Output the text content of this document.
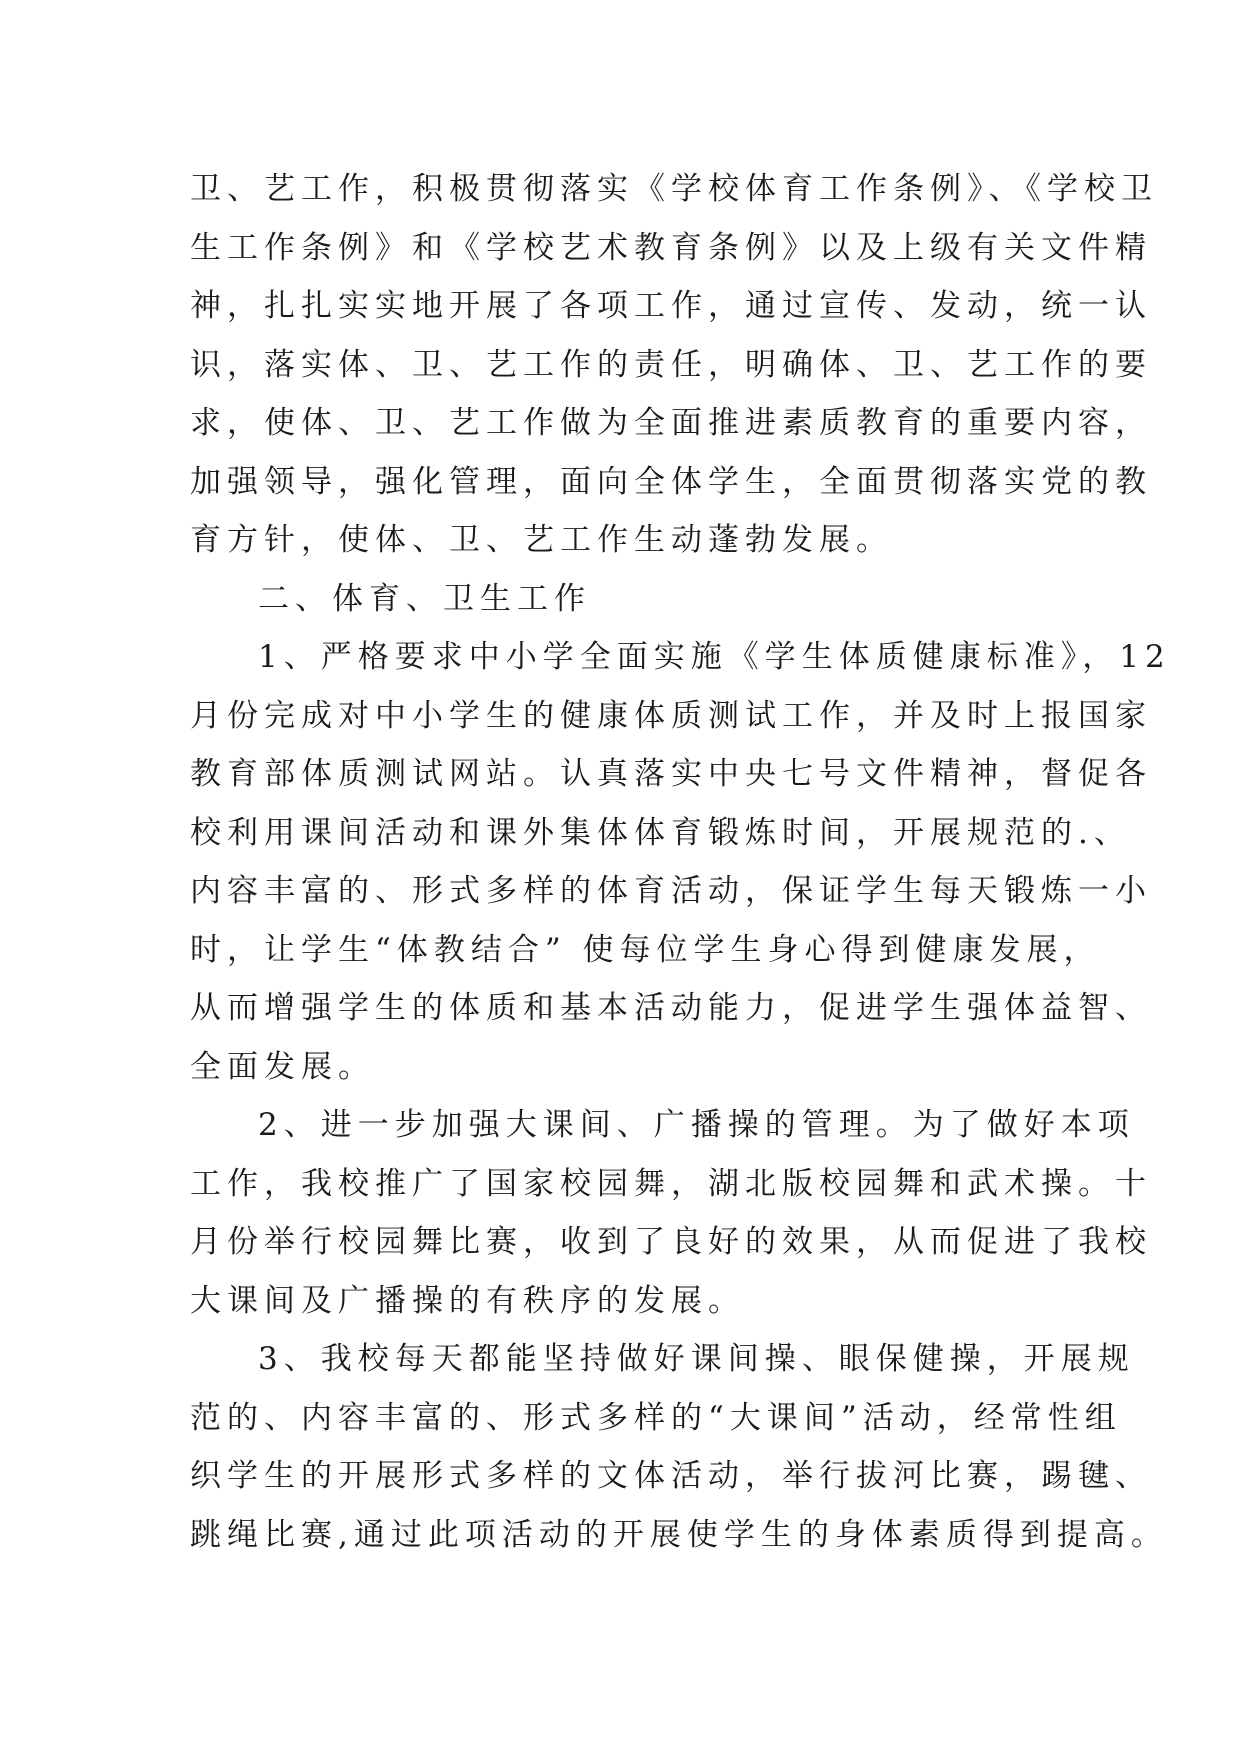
卫、艺工作，积极贯彻落实《学校体育工作条例》、《学校卫
生工作条例》和《学校艺术教育条例》以及上级有关文件精
神，扎扎实实地开展了各项工作，通过宣传、发动，统一认
识，落实体、卫、艺工作的责任，明确体、卫、艺工作的要
求，使体、卫、艺工作做为全面推进素质教育的重要内容，
加强领导，强化管理，面向全体学生，全面贯彻落实党的教
育方针，使体、卫、艺工作生动蓬勃发展。
二、体育、卫生工作
1、严格要求中小学全面实施《学生体质健康标准》，12
月份完成对中小学生的健康体质测试工作，并及时上报国家
教育部体质测试网站。认真落实中央七号文件精神，督促各
校利用课间活动和课外集体体育锻炼时间，开展规范的.、
内容丰富的、形式多样的体育活动，保证学生每天锻炼一小
时，让学生“体教结合” 使每位学生身心得到健康发展，
从而增强学生的体质和基本活动能力，促进学生强体益智、
全面发展。
2、进一步加强大课间、广播操的管理。为了做好本项
工作，我校推广了国家校园舞，湖北版校园舞和武术操。十
月份举行校园舞比赛，收到了良好的效果，从而促进了我校
大课间及广播操的有秩序的发展。
3、我校每天都能坚持做好课间操、眼保健操，开展规
范的、内容丰富的、形式多样的“大课间”活动，经常性组
织学生的开展形式多样的文体活动，举行拔河比赛，踢毽、
跳绳比赛,通过此项活动的开展使学生的身体素质得到提高。
